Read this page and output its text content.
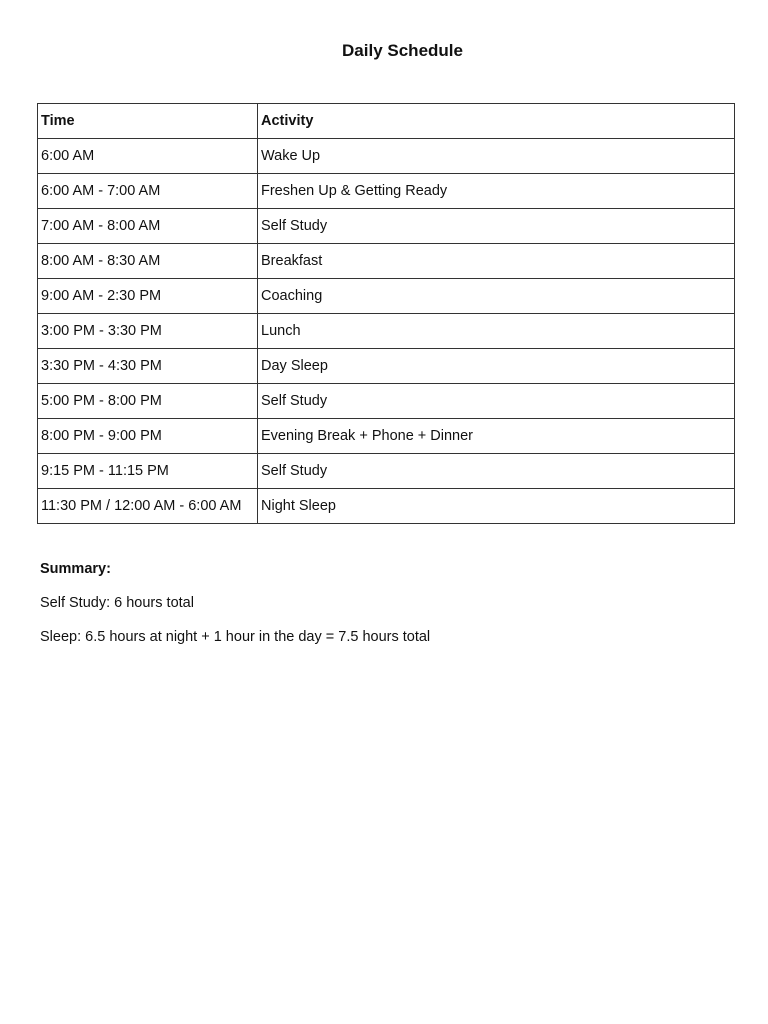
Daily Schedule
Time	Activity
6:00 AM	Wake Up
6:00 AM - 7:00 AM	Freshen Up & Getting Ready
7:00 AM - 8:00 AM	Self Study
8:00 AM - 8:30 AM	Breakfast
9:00 AM - 2:30 PM	Coaching
3:00 PM - 3:30 PM	Lunch
3:30 PM - 4:30 PM	Day Sleep
5:00 PM - 8:00 PM	Self Study
8:00 PM - 9:00 PM	Evening Break + Phone + Dinner
9:15 PM - 11:15 PM	Self Study
11:30 PM / 12:00 AM - 6:00 AM	Night Sleep
Summary:
Self Study: 6 hours total
Sleep: 6.5 hours at night + 1 hour in the day = 7.5 hours total
